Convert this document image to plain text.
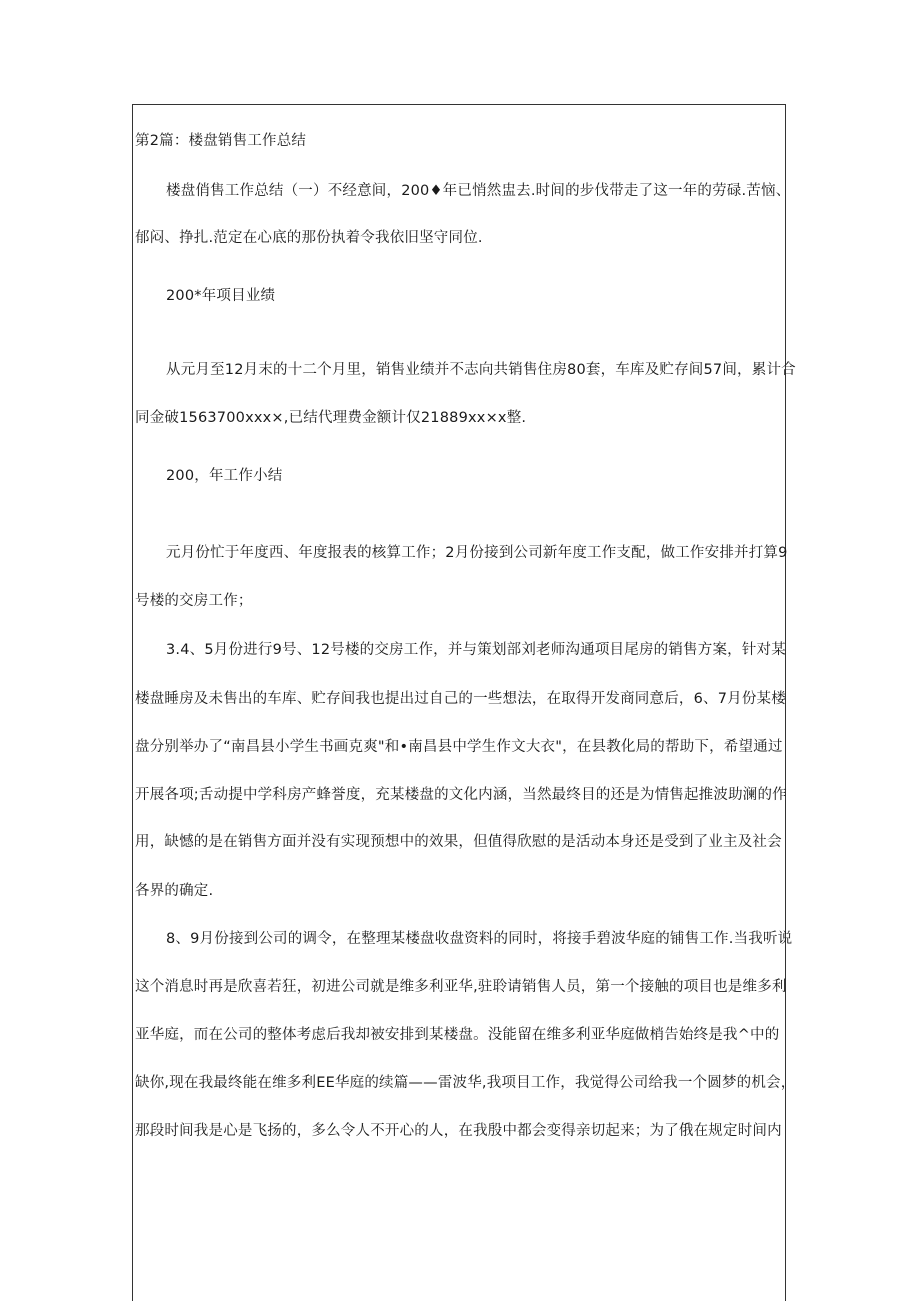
第2篇：楼盘销售工作总结
楼盘俏售工作总结（一）不经意间，200♦年已悄然盅去.时间的步伐带走了这一年的劳碌.苦恼、
郁闷、挣扎.范定在心底的那份执着令我依旧坚守同位.
200*年项目业绩
从元月至12月末的十二个月里，销售业绩并不志向共销售住房80套，车库及贮存间57间，累计合
同金破1563700xxx×,已结代理费金额计仅21889xx×x整.
200，年工作小结
元月份忙于年度西、年度报表的核算工作；2月份接到公司新年度工作支配，做工作安排并打算9
号楼的交房工作；
3.4、5月份进行9号、12号楼的交房工作，并与策划部刘老师沟通项目尾房的销售方案，针对某
楼盘睡房及未售出的车库、贮存间我也提出过自己的一些想法，在取得开发商同意后，6、7月份某楼
盘分别举办了“南昌县小学生书画克爽"和•南昌县中学生作文大衣"，在县教化局的帮助下，希望通过
开展各项;舌动提中学科房产蜂誉度，充某楼盘的文化内涵，当然最终目的还是为情售起推波助澜的作
用，缺憾的是在销售方面并没有实现预想中的效果，但值得欣慰的是活动本身还是受到了业主及社会
各界的确定.
8、9月份接到公司的调令，在整理某楼盘收盘资料的同时，将接手碧波华庭的铺售工作.当我听说
这个消息时再是欣喜若狂，初进公司就是维多利亚华,驻聆请销售人员，第一个接触的项目也是维多利
亚华庭，而在公司的整体考虑后我却被安排到某楼盘。没能留在维多利亚华庭做梢告始终是我^中的
缺你,现在我最终能在维多利EE华庭的续篇——雷波华,我项目工作，我觉得公司给我一个圆梦的机会，
那段时间我是心是飞扬的，多么令人不开心的人，在我殷中都会变得亲切起来；为了俄在规定时间内
